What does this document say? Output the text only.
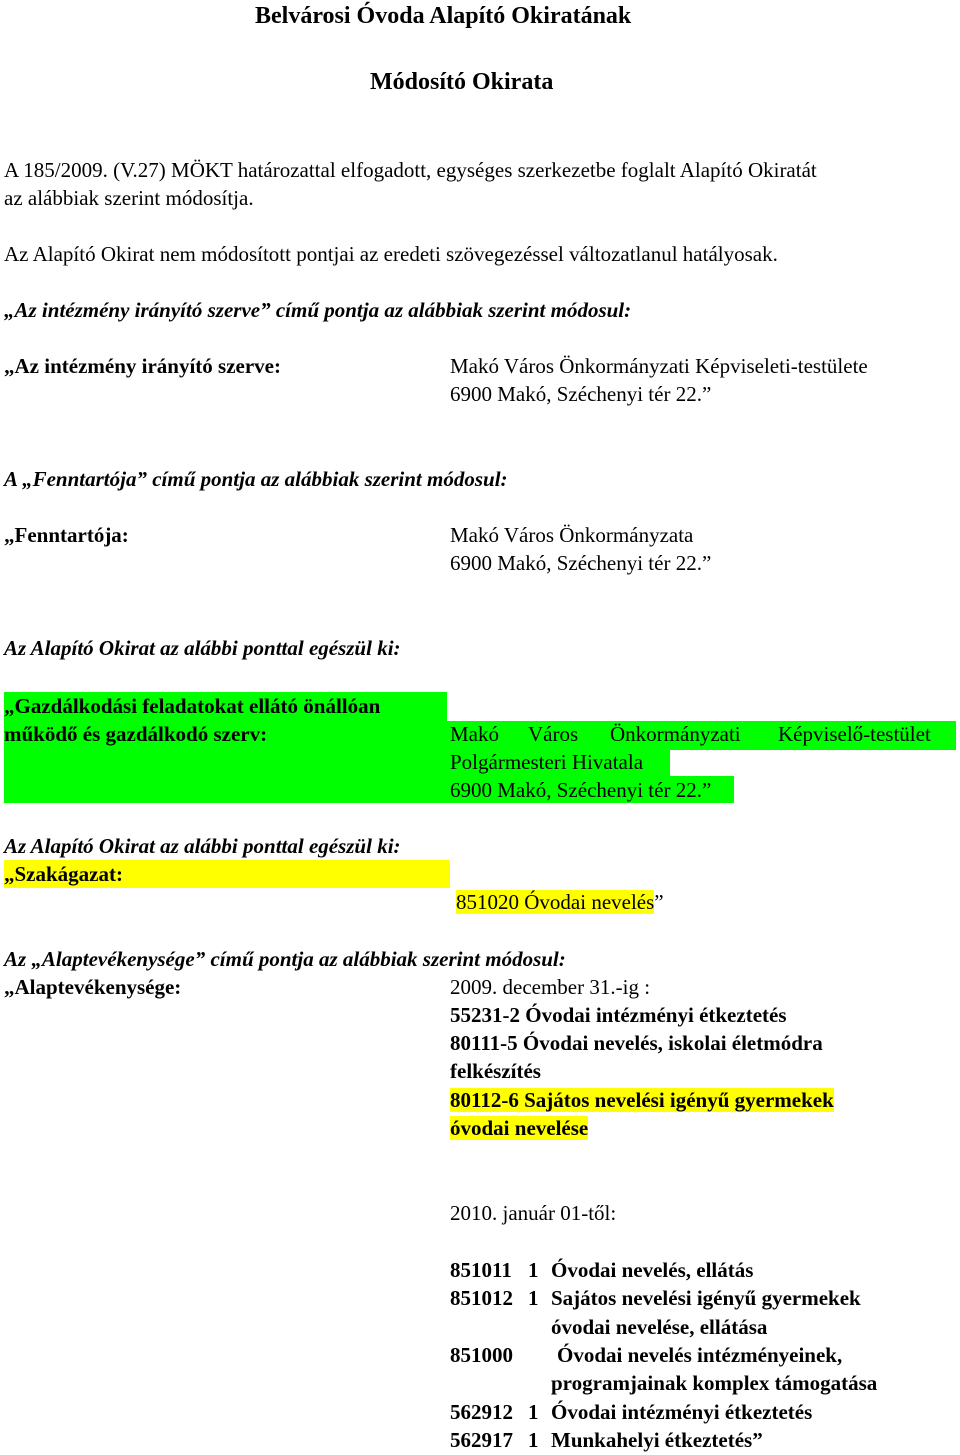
Belvárosi Óvoda Alapító Okiratának
Módosító Okirata
A 185/2009. (V.27) MÖKT határozattal elfogadott, egységes szerkezetbe foglalt Alapító Okiratát
az alábbiak szerint módosítja.
Az Alapító Okirat nem módosított pontjai az eredeti szövegezéssel változatlanul hatályosak.
„Az intézmény irányító szerve” című pontja az alábbiak szerint módosul:
„Az intézmény irányító szerve:	Makó Város Önkormányzati Képviseleti-testülete
6900 Makó, Széchenyi tér 22.”
A „Fenntartója” című pontja az alábbiak szerint módosul:
„Fenntartója:	Makó Város Önkormányzata
6900 Makó, Széchenyi tér 22.”
Az Alapító Okirat az alábbi ponttal egészül ki:
„Gazdálkodási feladatokat ellátó önállóan
működő és gazdálkodó szerv:	Makó Város Önkormányzati Képviselő-testület
Polgármesteri Hivatala
6900 Makó, Széchenyi tér 22.”
Az Alapító Okirat az alábbi ponttal egészül ki:
„Szakágazat:
851020 Óvodai nevelés”
Az „Alaptevékenysége” című pontja az alábbiak szerint módosul:
„Alaptevékenysége:	2009. december 31.-ig :
55231-2 Óvodai intézményi étkeztetés
80111-5 Óvodai nevelés, iskolai életmódra
felkészítés
80112-6 Sajátos nevelési igényű gyermekek
óvodai nevelése
2010. január 01-től:
851011 1 Óvodai nevelés, ellátás
851012 1 Sajátos nevelési igényű gyermekek
óvodai nevelése, ellátása
851000 Óvodai nevelés intézményeinek,
programjainak komplex támogatása
562912 1 Óvodai intézményi étkeztetés
562917 1 Munkahelyi étkeztetés”
